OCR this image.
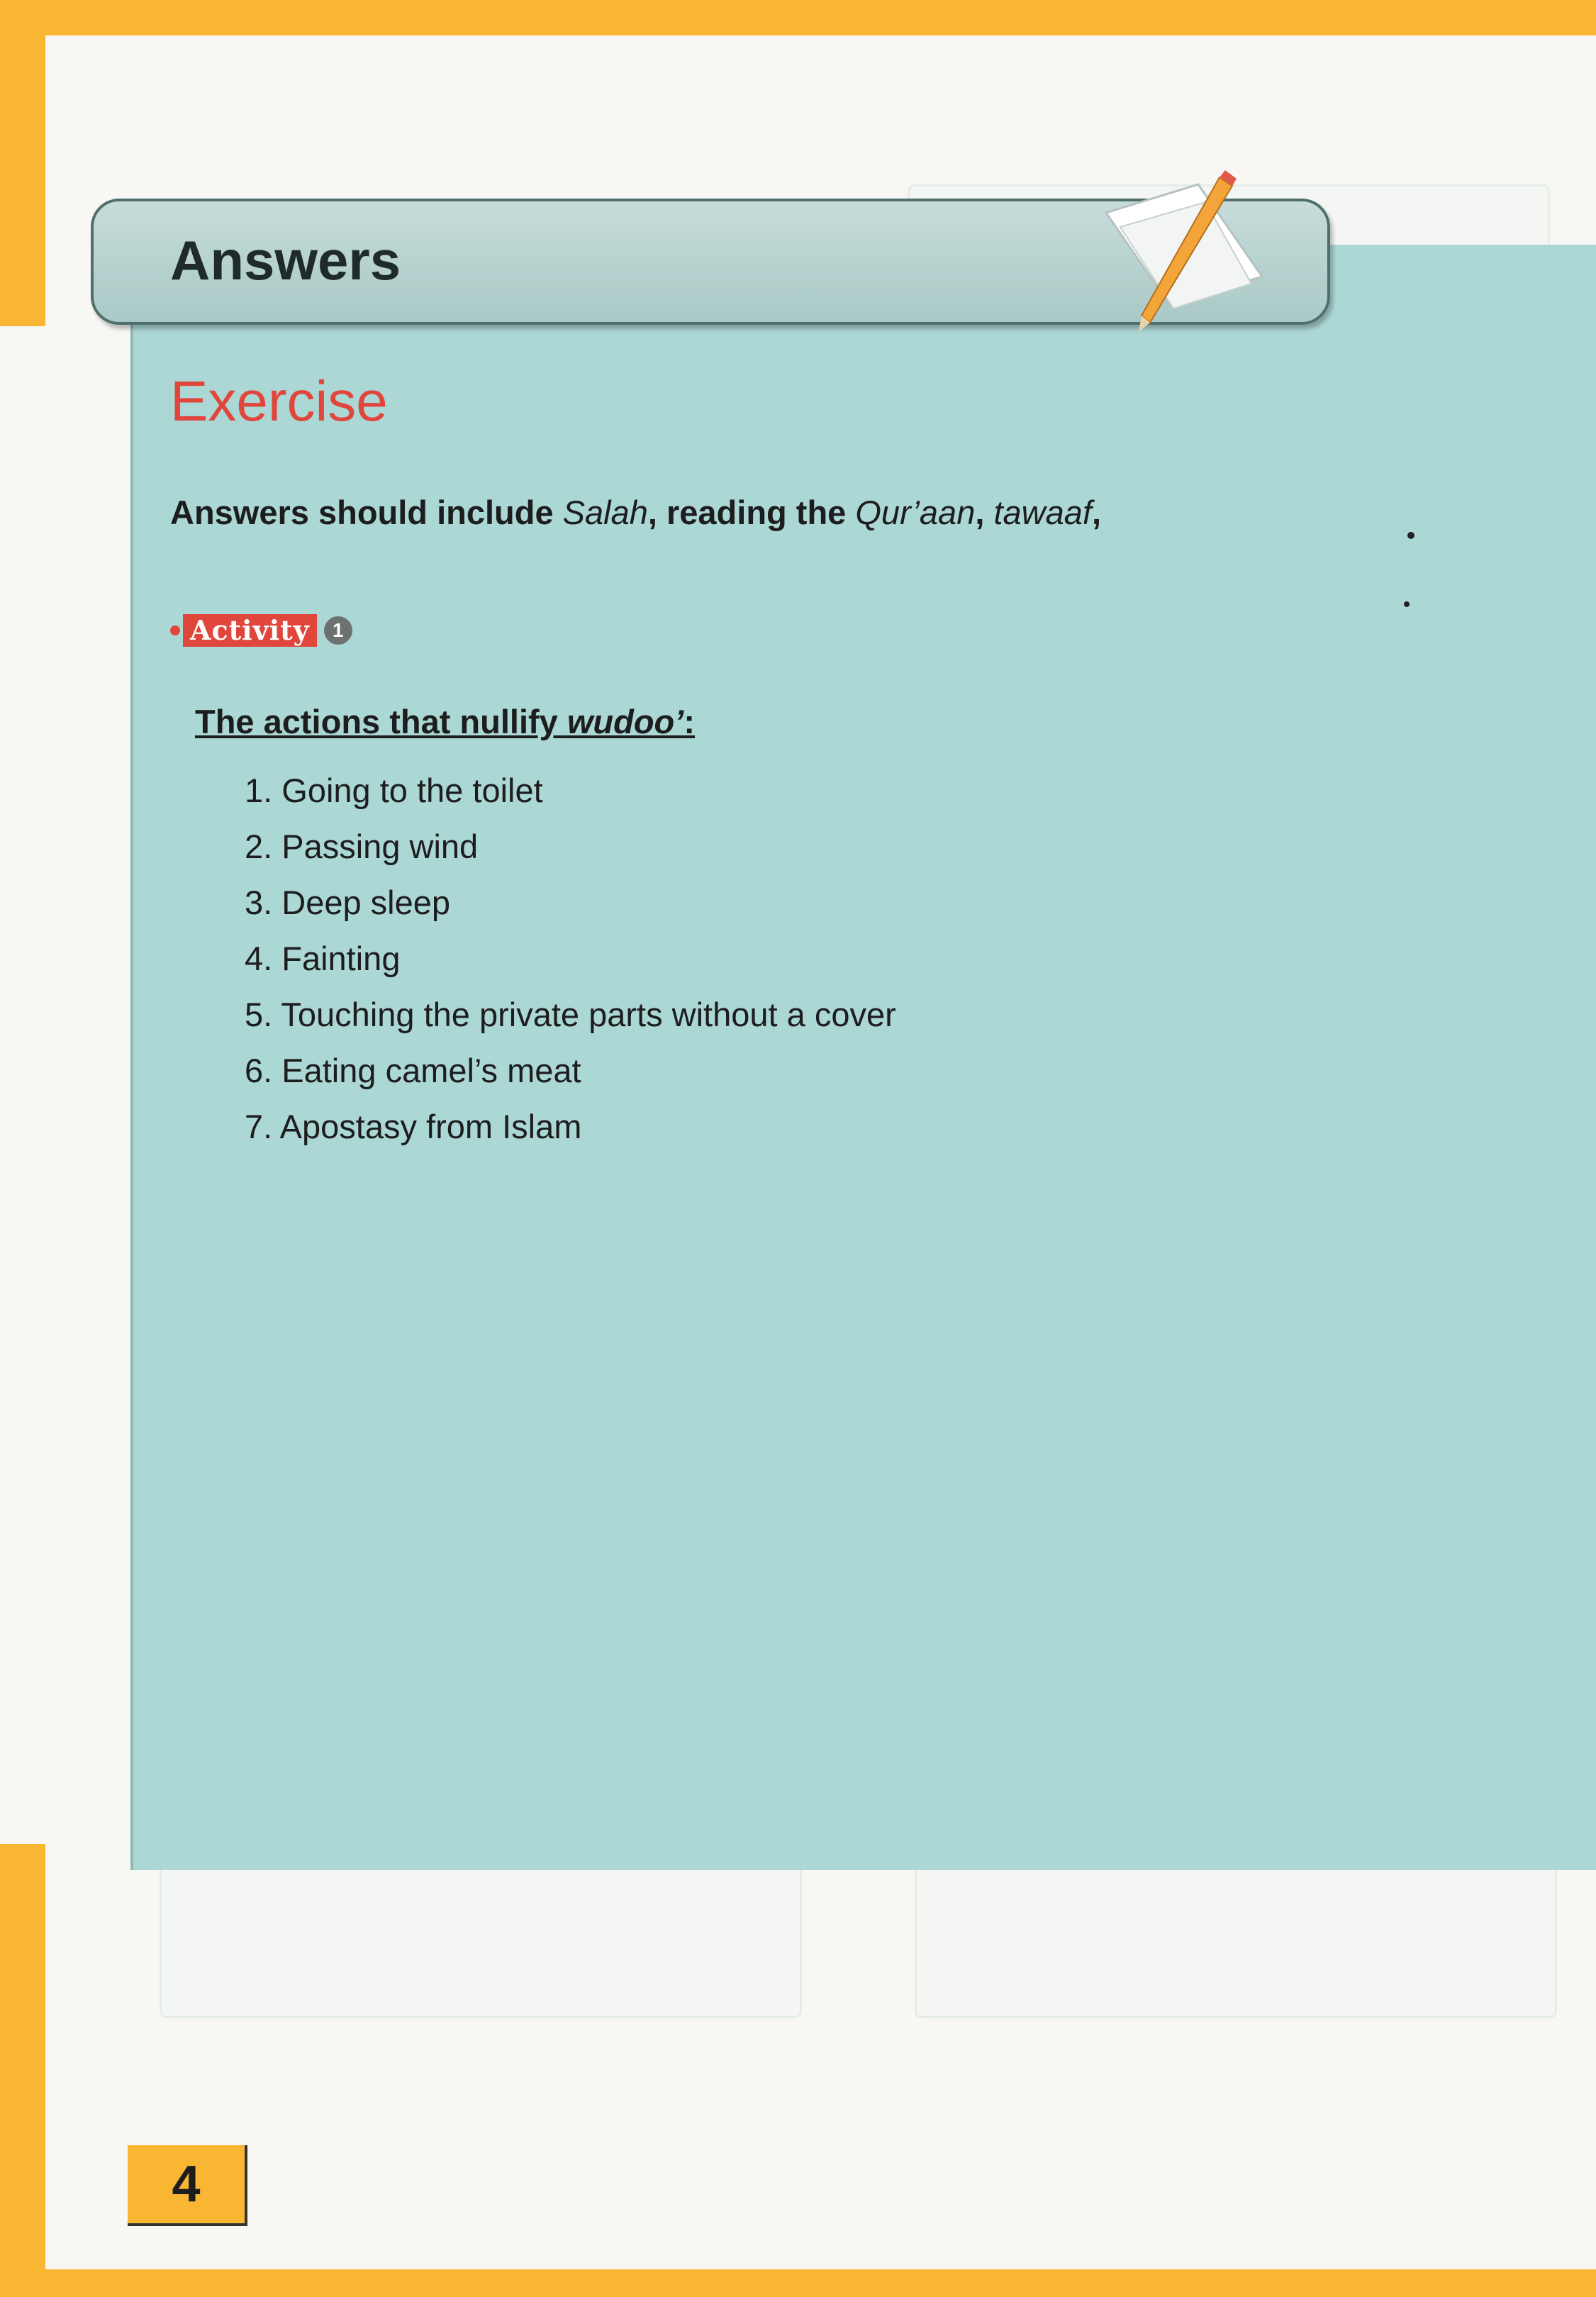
Answers
Exercise
Answers should include Salah, reading the Qur’aan, tawaaf,
Activity	1
The actions that nullify wudoo’:
1. Going to the toilet
2. Passing wind
3. Deep sleep
4. Fainting
5. Touching the private parts without a cover
6. Eating camel’s meat
7. Apostasy from Islam
4
